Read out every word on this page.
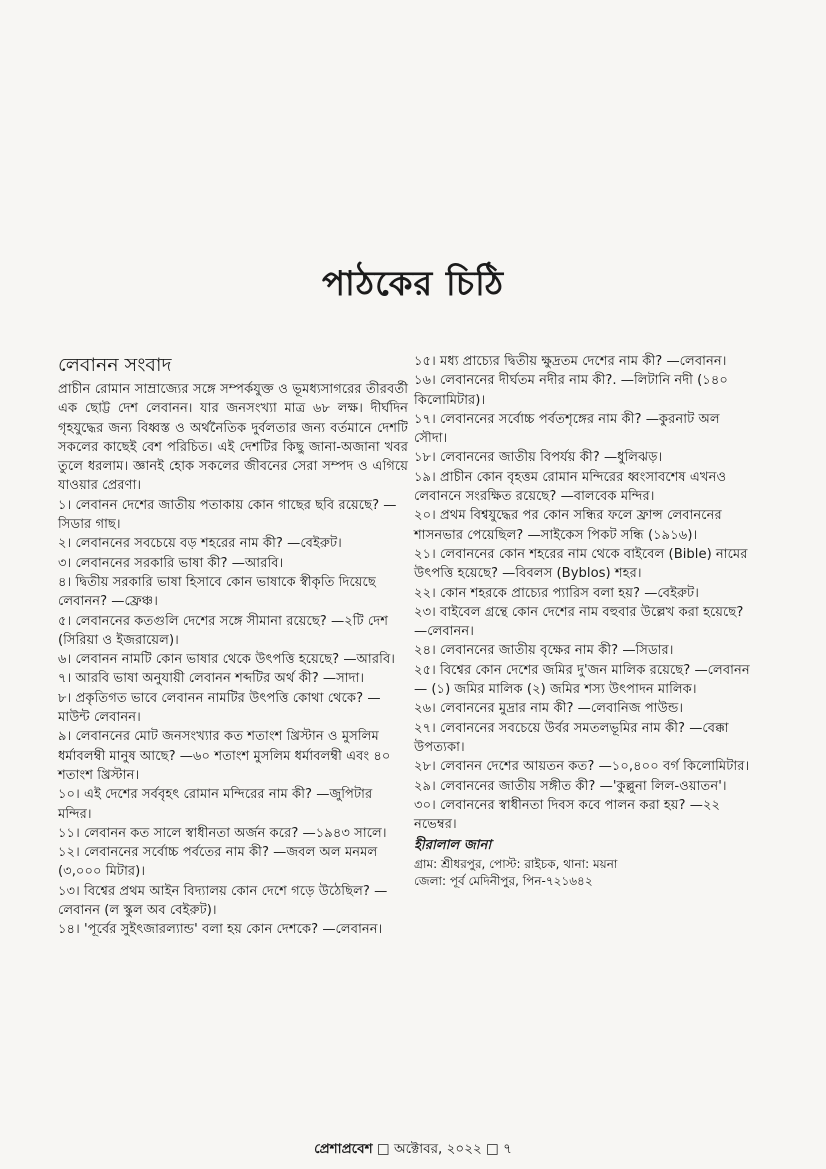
পাঠকের চিঠি
লেবানন সংবাদ
প্রাচীন রোমান সাম্রাজ্যের সঙ্গে সম্পর্কযুক্ত ও ভূমধ্যসাগরের তীরবর্তী এক ছোট্ট দেশ লেবানন। যার জনসংখ্যা মাত্র ৬৮ লক্ষ। দীর্ঘদিন গৃহযুদ্ধের জন্য বিধ্বস্ত ও অর্থনৈতিক দুর্বলতার জন্য বর্তমানে দেশটি সকলের কাছেই বেশ পরিচিত। এই দেশটির কিছু জানা-অজানা খবর তুলে ধরলাম। জ্ঞানই হোক সকলের জীবনের সেরা সম্পদ ও এগিয়ে যাওয়ার প্রেরণা।
১। লেবানন দেশের জাতীয় পতাকায় কোন গাছের ছবি রয়েছে? —সিডার গাছ।
২। লেবাননের সবচেয়ে বড় শহরের নাম কী? —বেইরুট।
৩। লেবাননের সরকারি ভাষা কী? —আরবি।
৪। দ্বিতীয় সরকারি ভাষা হিসাবে কোন ভাষাকে স্বীকৃতি দিয়েছে লেবানন? —ফ্রেঞ্চ।
৫। লেবাননের কতগুলি দেশের সঙ্গে সীমানা রয়েছে? —২টি দেশ (সিরিয়া ও ইজরায়েল)।
৬। লেবানন নামটি কোন ভাষার থেকে উৎপত্তি হয়েছে? —আরবি।
৭। আরবি ভাষা অনুযায়ী লেবানন শব্দটির অর্থ কী? —সাদা।
৮। প্রকৃতিগত ভাবে লেবানন নামটির উৎপত্তি কোথা থেকে? —মাউন্ট লেবানন।
৯। লেবাননের মোট জনসংখ্যার কত শতাংশ খ্রিস্টান ও মুসলিম ধর্মাবলম্বী মানুষ আছে? —৬০ শতাংশ মুসলিম ধর্মাবলম্বী এবং ৪০ শতাংশ খ্রিস্টান।
১০। এই দেশের সর্ববৃহৎ রোমান মন্দিরের নাম কী? —জুপিটার মন্দির।
১১। লেবানন কত সালে স্বাধীনতা অর্জন করে? —১৯৪৩ সালে।
১২। লেবাননের সর্বোচ্চ পর্বতের নাম কী? —জবল অল মনমল (৩,০০০ মিটার)।
১৩। বিশ্বের প্রথম আইন বিদ্যালয় কোন দেশে গড়ে উঠেছিল? —লেবানন (ল স্কুল অব বেইরুট)।
১৪। 'পূর্বের সুইৎজারল্যান্ড' বলা হয় কোন দেশকে? —লেবানন।
১৫। মধ্য প্রাচ্যের দ্বিতীয় ক্ষুদ্রতম দেশের নাম কী? —লেবানন।
১৬। লেবাননের দীর্ঘতম নদীর নাম কী?. —লিটানি নদী (১৪০ কিলোমিটার)।
১৭। লেবাননের সর্বোচ্চ পর্বতশৃঙ্গের নাম কী? —কুরনাট অল সৌদা।
১৮। লেবাননের জাতীয় বিপর্যয় কী? —ধুলিঝড়।
১৯। প্রাচীন কোন বৃহত্তম রোমান মন্দিরের ধ্বংসাবশেষ এখনও লেবাননে সংরক্ষিত রয়েছে? —বালবেক মন্দির।
২০। প্রথম বিশ্বযুদ্ধের পর কোন সন্ধির ফলে ফ্রান্স লেবাননের শাসনভার পেয়েছিল? —সাইকেস পিকট সন্ধি (১৯১৬)।
২১। লেবাননের কোন শহরের নাম থেকে বাইবেল (Bible) নামের উৎপত্তি হয়েছে? —বিবলস (Byblos) শহর।
২২। কোন শহরকে প্রাচ্যের প্যারিস বলা হয়? —বেইরুট।
২৩। বাইবেল গ্রন্থে কোন দেশের নাম বহুবার উল্লেখ করা হয়েছে? —লেবানন।
২৪। লেবাননের জাতীয় বৃক্ষের নাম কী? —সিডার।
২৫। বিশ্বের কোন দেশের জমির দু'জন মালিক রয়েছে? —লেবানন— (১) জমির মালিক (২) জমির শস্য উৎপাদন মালিক।
২৬। লেবাননের মুদ্রার নাম কী? —লেবানিজ পাউন্ড।
২৭। লেবাননের সবচেয়ে উর্বর সমতলভূমির নাম কী? —বেক্কা উপত্যকা।
২৮। লেবানন দেশের আয়তন কত? —১০,৪০০ বর্গ কিলোমিটার।
২৯। লেবাননের জাতীয় সঙ্গীত কী? —'কুল্লুনা লিল-ওয়াতন'।
৩০। লেবাননের স্বাধীনতা দিবস কবে পালন করা হয়? —২২ নভেম্বর।
হীরালাল জানা
গ্রাম: শ্রীধরপুর, পোস্ট: রাইচক, থানা: ময়না
জেলা: পূর্ব মেদিনীপুর, পিন-৭২১৬৪২
প্রেশাপ্রবেশ □ অক্টোবর, ২০২২ □ ৭
